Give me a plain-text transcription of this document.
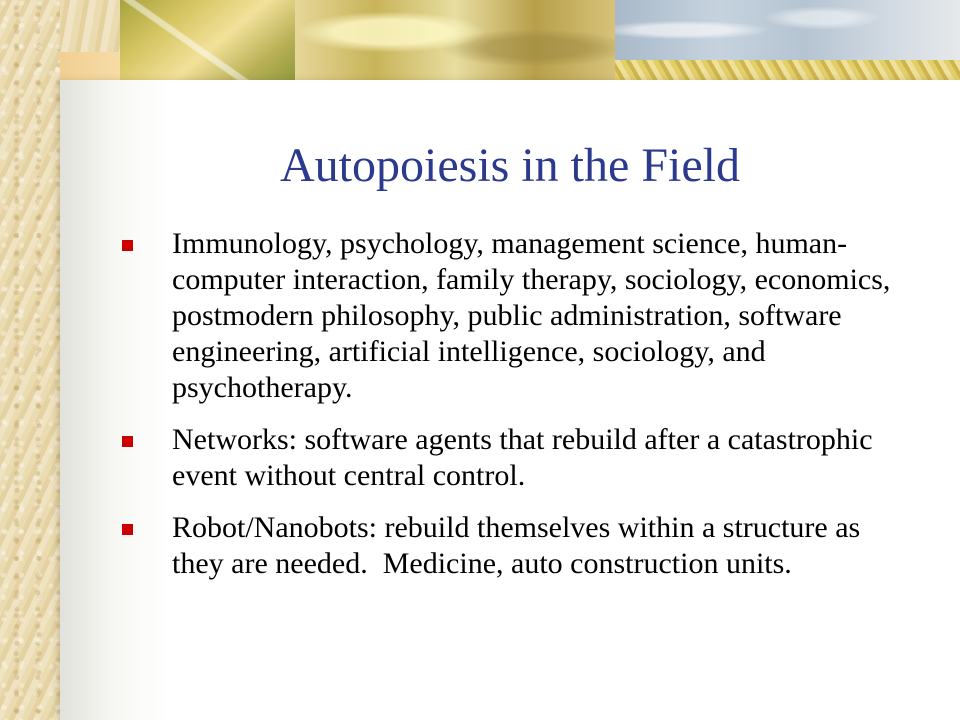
Autopoiesis in the Field
Immunology, psychology, management science, human-computer interaction, family therapy, sociology, economics, postmodern philosophy, public administration, software engineering, artificial intelligence, sociology, and psychotherapy.
Networks: software agents that rebuild after a catastrophic event without central control.
Robot/Nanobots: rebuild themselves within a structure as they are needed.  Medicine, auto construction units.
